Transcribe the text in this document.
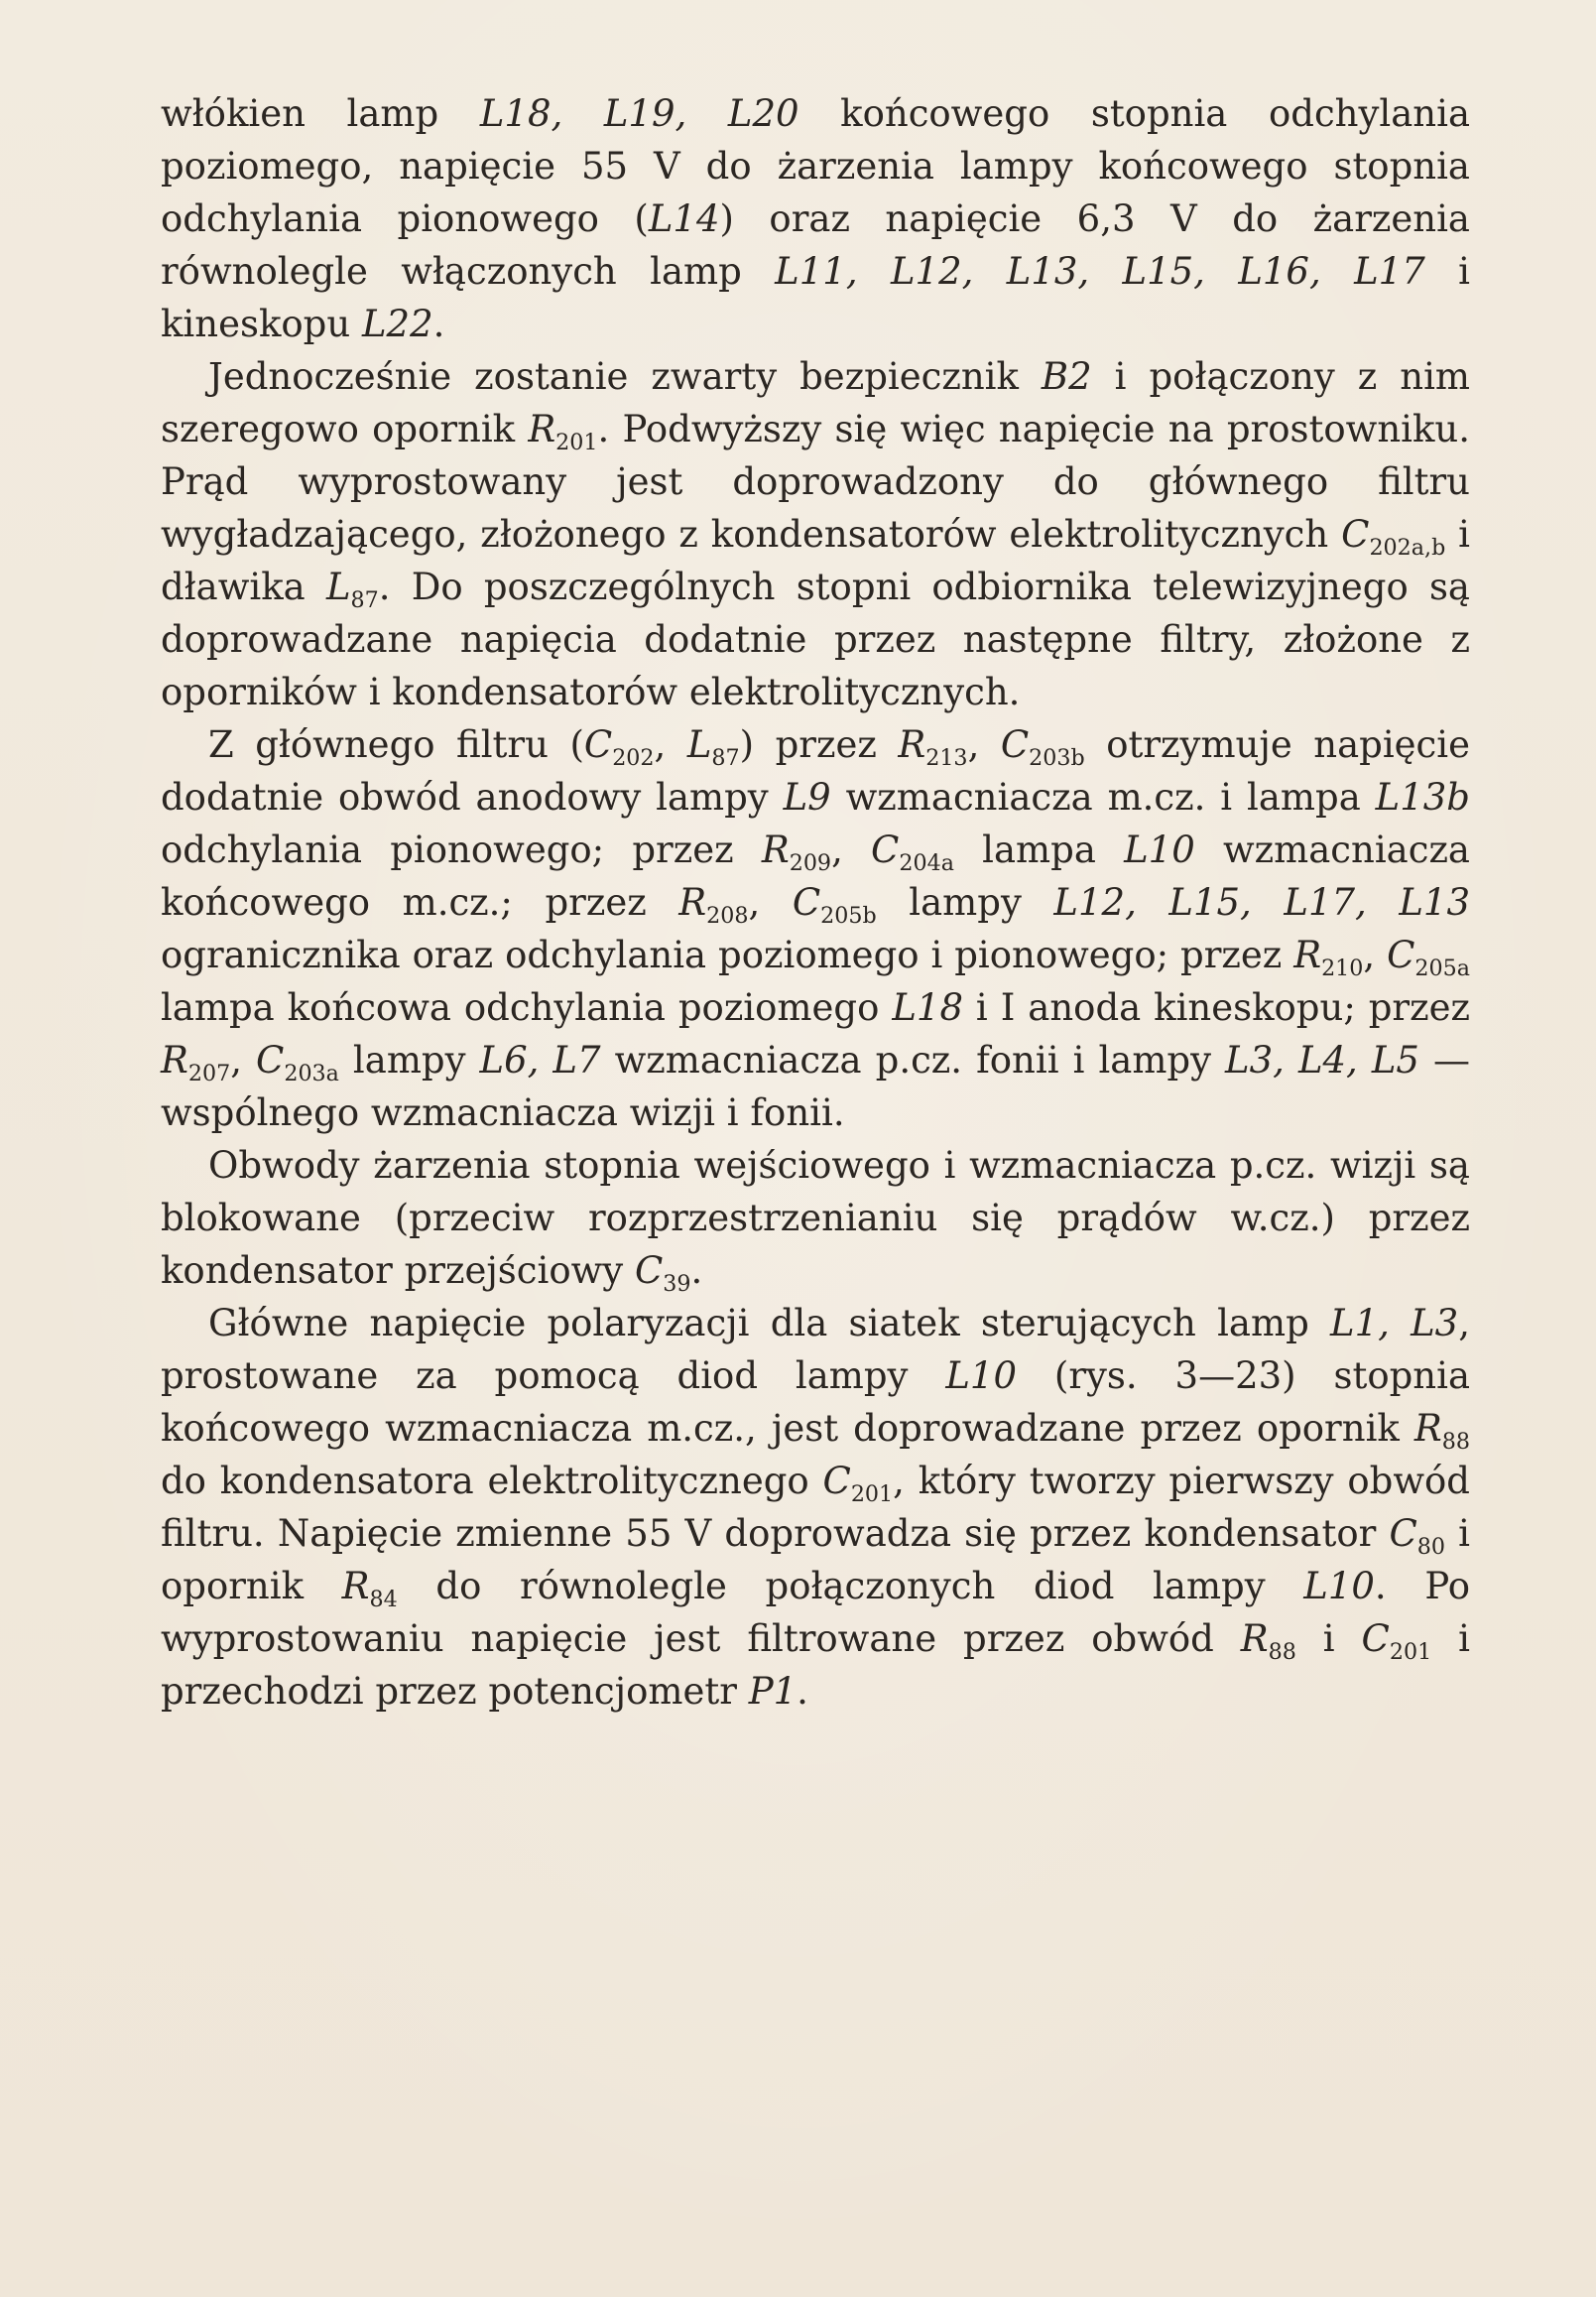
włókien lamp L18, L19, L20 końcowego stopnia odchylania poziomego, napięcie 55 V do żarzenia lampy końcowego stopnia odchylania pionowego (L14) oraz napięcie 6,3 V do żarzenia równolegle włączonych lamp L11, L12, L13, L15, L16, L17 i kineskopu L22.

Jednocześnie zostanie zwarty bezpiecznik B2 i połączony z nim szeregowo opornik $R_{201}$. Podwyższy się więc napięcie na prostowniku. Prąd wyprostowany jest doprowadzony do głównego filtru wygładzającego, złożonego z kondensatorów elektrolitycznych $C_{202a,b}$ i dławika $L_{87}$. Do poszczególnych stopni odbiornika telewizyjnego są doprowadzane napięcia dodatnie przez następne filtry, złożone z oporników i kondensatorów elektrolitycznych.

Z głównego filtru ($C_{202}$, $L_{87}$) przez $R_{213}$, $C_{203b}$ otrzymuje napięcie dodatnie obwód anodowy lampy L9 wzmacniacza m.cz. i lampa L13b odchylania pionowego; przez $R_{209}$, $C_{204a}$ lampa L10 wzmacniacza końcowego m.cz.; przez $R_{208}$, $C_{205b}$ lampy L12, L15, L17, L13 ogranicznika oraz odchylania poziomego i pionowego; przez $R_{210}$, $C_{205a}$ lampa końcowa odchylania poziomego L18 i I anoda kineskopu; przez $R_{207}$, $C_{203a}$ lampy L6, L7 wzmacniacza p.cz. fonii i lampy L3, L4, L5 — wspólnego wzmacniacza wizji i fonii.

Obwody żarzenia stopnia wejściowego i wzmacniacza p.cz. wizji są blokowane (przeciw rozprzestrzenianiu się prądów w.cz.) przez kondensator przejściowy $C_{39}$.

Główne napięcie polaryzacji dla siatek sterujących lamp L1, L3, prostowane za pomocą diod lampy L10 (rys. 3—23) stopnia końcowego wzmacniacza m.cz., jest doprowadzane przez opornik $R_{88}$ do kondensatora elektrolitycznego $C_{201}$, który tworzy pierwszy obwód filtru. Napięcie zmienne 55 V doprowadza się przez kondensator $C_{80}$ i opornik $R_{84}$ do równolegle połączonych diod lampy L10. Po wyprostowaniu napięcie jest filtrowane przez obwód $R_{88}$ i $C_{201}$ i przechodzi przez potencjometr P1.
